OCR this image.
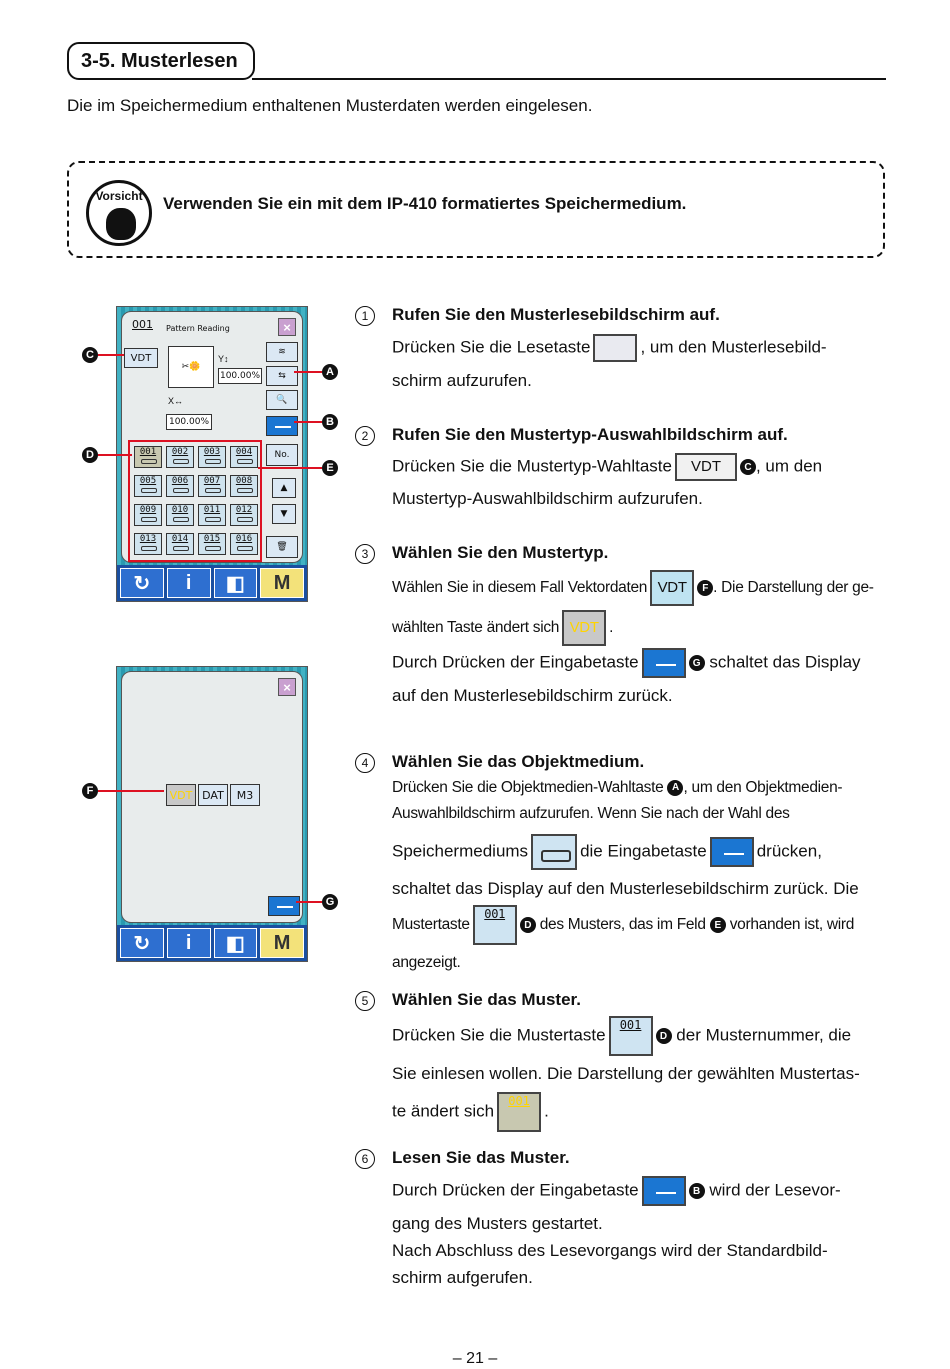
3-5. Musterlesen
Die im Speichermedium enthaltenen Musterdaten werden eingelesen.
Vorsicht	Verwenden Sie ein mit dem IP-410 formatiertes Speichermedium.
001 Pattern Reading	×
VDT
✂🌼
Y↕
100.00%
X↔
100.00%
≋
⇆
🔍
No.
▲
▼
🗑
001	002	003	004
005	006	007	008
009	010	011	012
013	014	015	016
↻	i	◧	M
C
A
B
D
E
×
VDT DAT	M3
↻	i	◧	M
F
G
1	Rufen Sie den Musterlesebildschirm auf.
Drücken Sie die Lesetaste	, um den Musterlesebild-
schirm aufzurufen.
2	Rufen Sie den Mustertyp-Auswahlbildschirm auf.
Drücken Sie die Mustertyp-Wahltaste VDT C , um den
Mustertyp-Auswahlbildschirm aufzurufen.
3	Wählen Sie den Mustertyp.
Wählen Sie in diesem Fall Vektordaten VDT F . Die Darstellung der ge-
wählten Taste ändert sich VDT .
Durch Drücken der Eingabetaste	G schaltet das Display
auf den Musterlesebildschirm zurück.
4	Wählen Sie das Objektmedium.
Drücken Sie die Objektmedien-Wahltaste A , um den Objektmedien-
Auswahlbildschirm aufzurufen. Wenn Sie nach der Wahl des
Speichermediums	die Eingabetaste	drücken,
schaltet das Display auf den Musterlesebildschirm zurück. Die
Mustertaste001D des Musters, das im Feld E vorhanden ist, wird
angezeigt.
5	Wählen Sie das Muster.
Drücken Sie die Mustertaste001D der Musternummer, die
Sie einlesen wollen. Die Darstellung der gewählten Mustertas-
te ändert sich001.
6	Lesen Sie das Muster.
Durch Drücken der Eingabetaste	B wird der Lesevor-
gang des Musters gestartet.
Nach Abschluss des Lesevorgangs wird der Standardbild-
schirm aufgerufen.
– 21 –
